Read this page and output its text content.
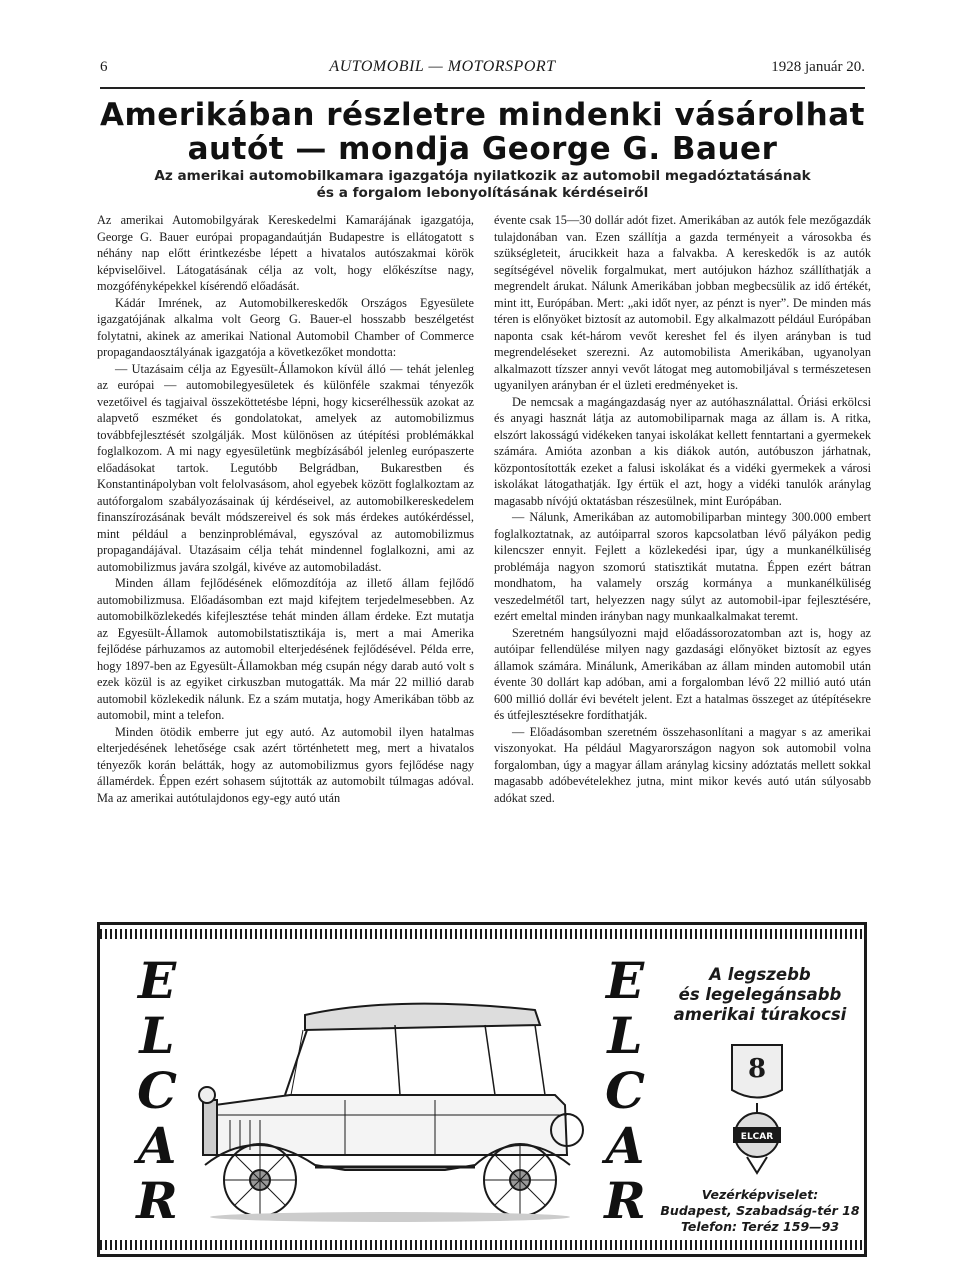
6	AUTOMOBIL — MOTORSPORT	1928 január 20.
Amerikában részletre mindenki vásárolhat
autót — mondja George G. Bauer
Az amerikai automobilkamara igazgatója nyilatkozik az automobil megadóztatásának
és a forgalom lebonyolításának kérdéseiről

Az amerikai Automobilgyárak Kereskedelmi Kamarájának igazgatója, George G. Bauer európai propagandaútján Budapestre is ellátogatott s néhány nap előtt érintkezésbe lépett a hivatalos autószakmai körök képviselőivel. Látogatásának célja az volt, hogy előkészítse nagy, mozgófényképekkel kísérendő előadását.

Kádár Imrének, az Automobilkereskedők Országos Egyesülete igazgatójának alkalma volt Georg G. Bauer-el hosszabb beszélgetést folytatni, akinek az amerikai National Automobil Chamber of Commerce propagandaosztályának igazgatója a következőket mondotta:

— Utazásaim célja az Egyesült-Államokon kívül álló — tehát jelenleg az európai — automobilegyesületek és különféle szakmai tényezők vezetőivel és tagjaival összeköttetésbe lépni, hogy kicserélhessük azokat az alapvető eszméket és gondolatokat, amelyek az automobilizmus továbbfejlesztését szolgálják. Most különösen az útépítési problémákkal foglalkozom. A mi nagy egyesületünk megbízásából jelenleg európaszerte előadásokat tartok. Legutóbb Belgrádban, Bukarestben és Konstantinápolyban volt felolvasásom, ahol egyebek között foglalkoztam az autóforgalom szabályozásainak új kérdéseivel, az automobilkereskedelem finanszírozásának bevált módszereivel és sok más érdekes autókérdéssel, mint például a benzinproblémával, egyszóval az automobilizmus propagandájával. Utazásaim célja tehát mindennel foglalkozni, ami az automobilizmus javára szolgál, kivéve az automobiladást.

Minden állam fejlődésének előmozdítója az illető állam fejlődő automobilizmusa. Előadásomban ezt majd kifejtem terjedelmesebben. Az automobilközlekedés kifejlesztése tehát minden állam érdeke. Ezt mutatja az Egyesült-Államok automobilstatisztikája is, mert a mai Amerika fejlődése párhuzamos az automobil elterjedésének fejlődésével. Példa erre, hogy 1897-ben az Egyesült-Államokban még csupán négy darab autó volt s ezek közül is az egyiket cirkuszban mutogatták. Ma már 22 millió darab automobil közlekedik nálunk. Ez a szám mutatja, hogy Amerikában több az automobil, mint a telefon.

Minden ötödik emberre jut egy autó. Az automobil ilyen hatalmas elterjedésének lehetősége csak azért történhetett meg, mert a hivatalos tényezők korán belátták, hogy az automobilizmus gyors fejlődése nagy államérdek. Éppen ezért sohasem sújtották az automobilt túlmagas adóval. Ma az amerikai autótulajdonos egy-egy autó után

évente csak 15—30 dollár adót fizet. Amerikában az autók fele mezőgazdák tulajdonában van. Ezen szállítja a gazda terményeit a városokba és szükségleteit, árucikkeit haza a falvakba. A kereskedők is az autók segítségével növelik forgalmukat, mert autójukon házhoz szállíthatják a megrendelt árukat. Nálunk Amerikában jobban megbecsülik az idő értékét, mint itt, Európában. Mert: „aki időt nyer, az pénzt is nyer”. De minden más téren is előnyöket biztosít az automobil. Egy alkalmazott például Európában naponta csak két-három vevőt kereshet fel és ilyen arányban is tud megrendeléseket szerezni. Az automobilista Amerikában, ugyanolyan alkalmazott tízszer annyi vevőt látogat meg automobiljával s természetesen ugyanilyen arányban ér el üzleti eredményeket is.

De nemcsak a magángazdaság nyer az autóhasználattal. Óriási erkölcsi és anyagi hasznát látja az automobiliparnak maga az állam is. A ritka, elszórt lakosságú vidékeken tanyai iskolákat kellett fenntartani a gyermekek számára. Amióta azonban a kis diákok autón, autóbuszon járhatnak, központosították ezeket a falusi iskolákat és a vidéki gyermekek a városi iskolákat látogathatják. Igy értük el azt, hogy a vidéki tanulók aránylag magasabb nívójú oktatásban részesülnek, mint Európában.

— Nálunk, Amerikában az automobiliparban mintegy 300.000 embert foglalkoztatnak, az autóiparral szoros kapcsolatban lévő pályákon pedig kilencszer ennyit. Fejlett a közlekedési ipar, úgy a munkanélküliség problémája nagyon szomorú statisztikát mutatna. Éppen ezért bátran mondhatom, ha valamely ország kormánya a munkanélküliség veszedelmétől tart, helyezzen nagy súlyt az automobil-ipar fejlesztésére, ezért emeltal minden irányban nagy munkaalkalmakat teremt.

Szeretném hangsúlyozni majd előadássorozatomban azt is, hogy az autóipar fellendülése milyen nagy gazdasági előnyöket biztosít az egyes államok számára. Minálunk, Amerikában az állam minden automobil után évente 30 dollárt kap adóban, ami a forgalomban lévő 22 millió autó után 600 millió dollár évi bevételt jelent. Ezt a hatalmas összeget az útépítésekre és útfejlesztésekre fordíthatják.

— Előadásomban szeretném összehasonlítani a magyar s az amerikai viszonyokat. Ha például Magyarországon nagyon sok automobil volna forgalomban, úgy a magyar állam aránylag kicsiny adóztatás mellett sokkal magasabb adóbevételekhez jutna, mint mikor kevés autó után súlyosabb adókat szed.

E
L
C
A
R
E
L
C
A
R
A legszebb
és legelegánsabb
amerikai túrakocsi
8
ELCAR
Vezérképviselet:
Budapest, Szabadság-tér 18
Telefon: Teréz 159—93
